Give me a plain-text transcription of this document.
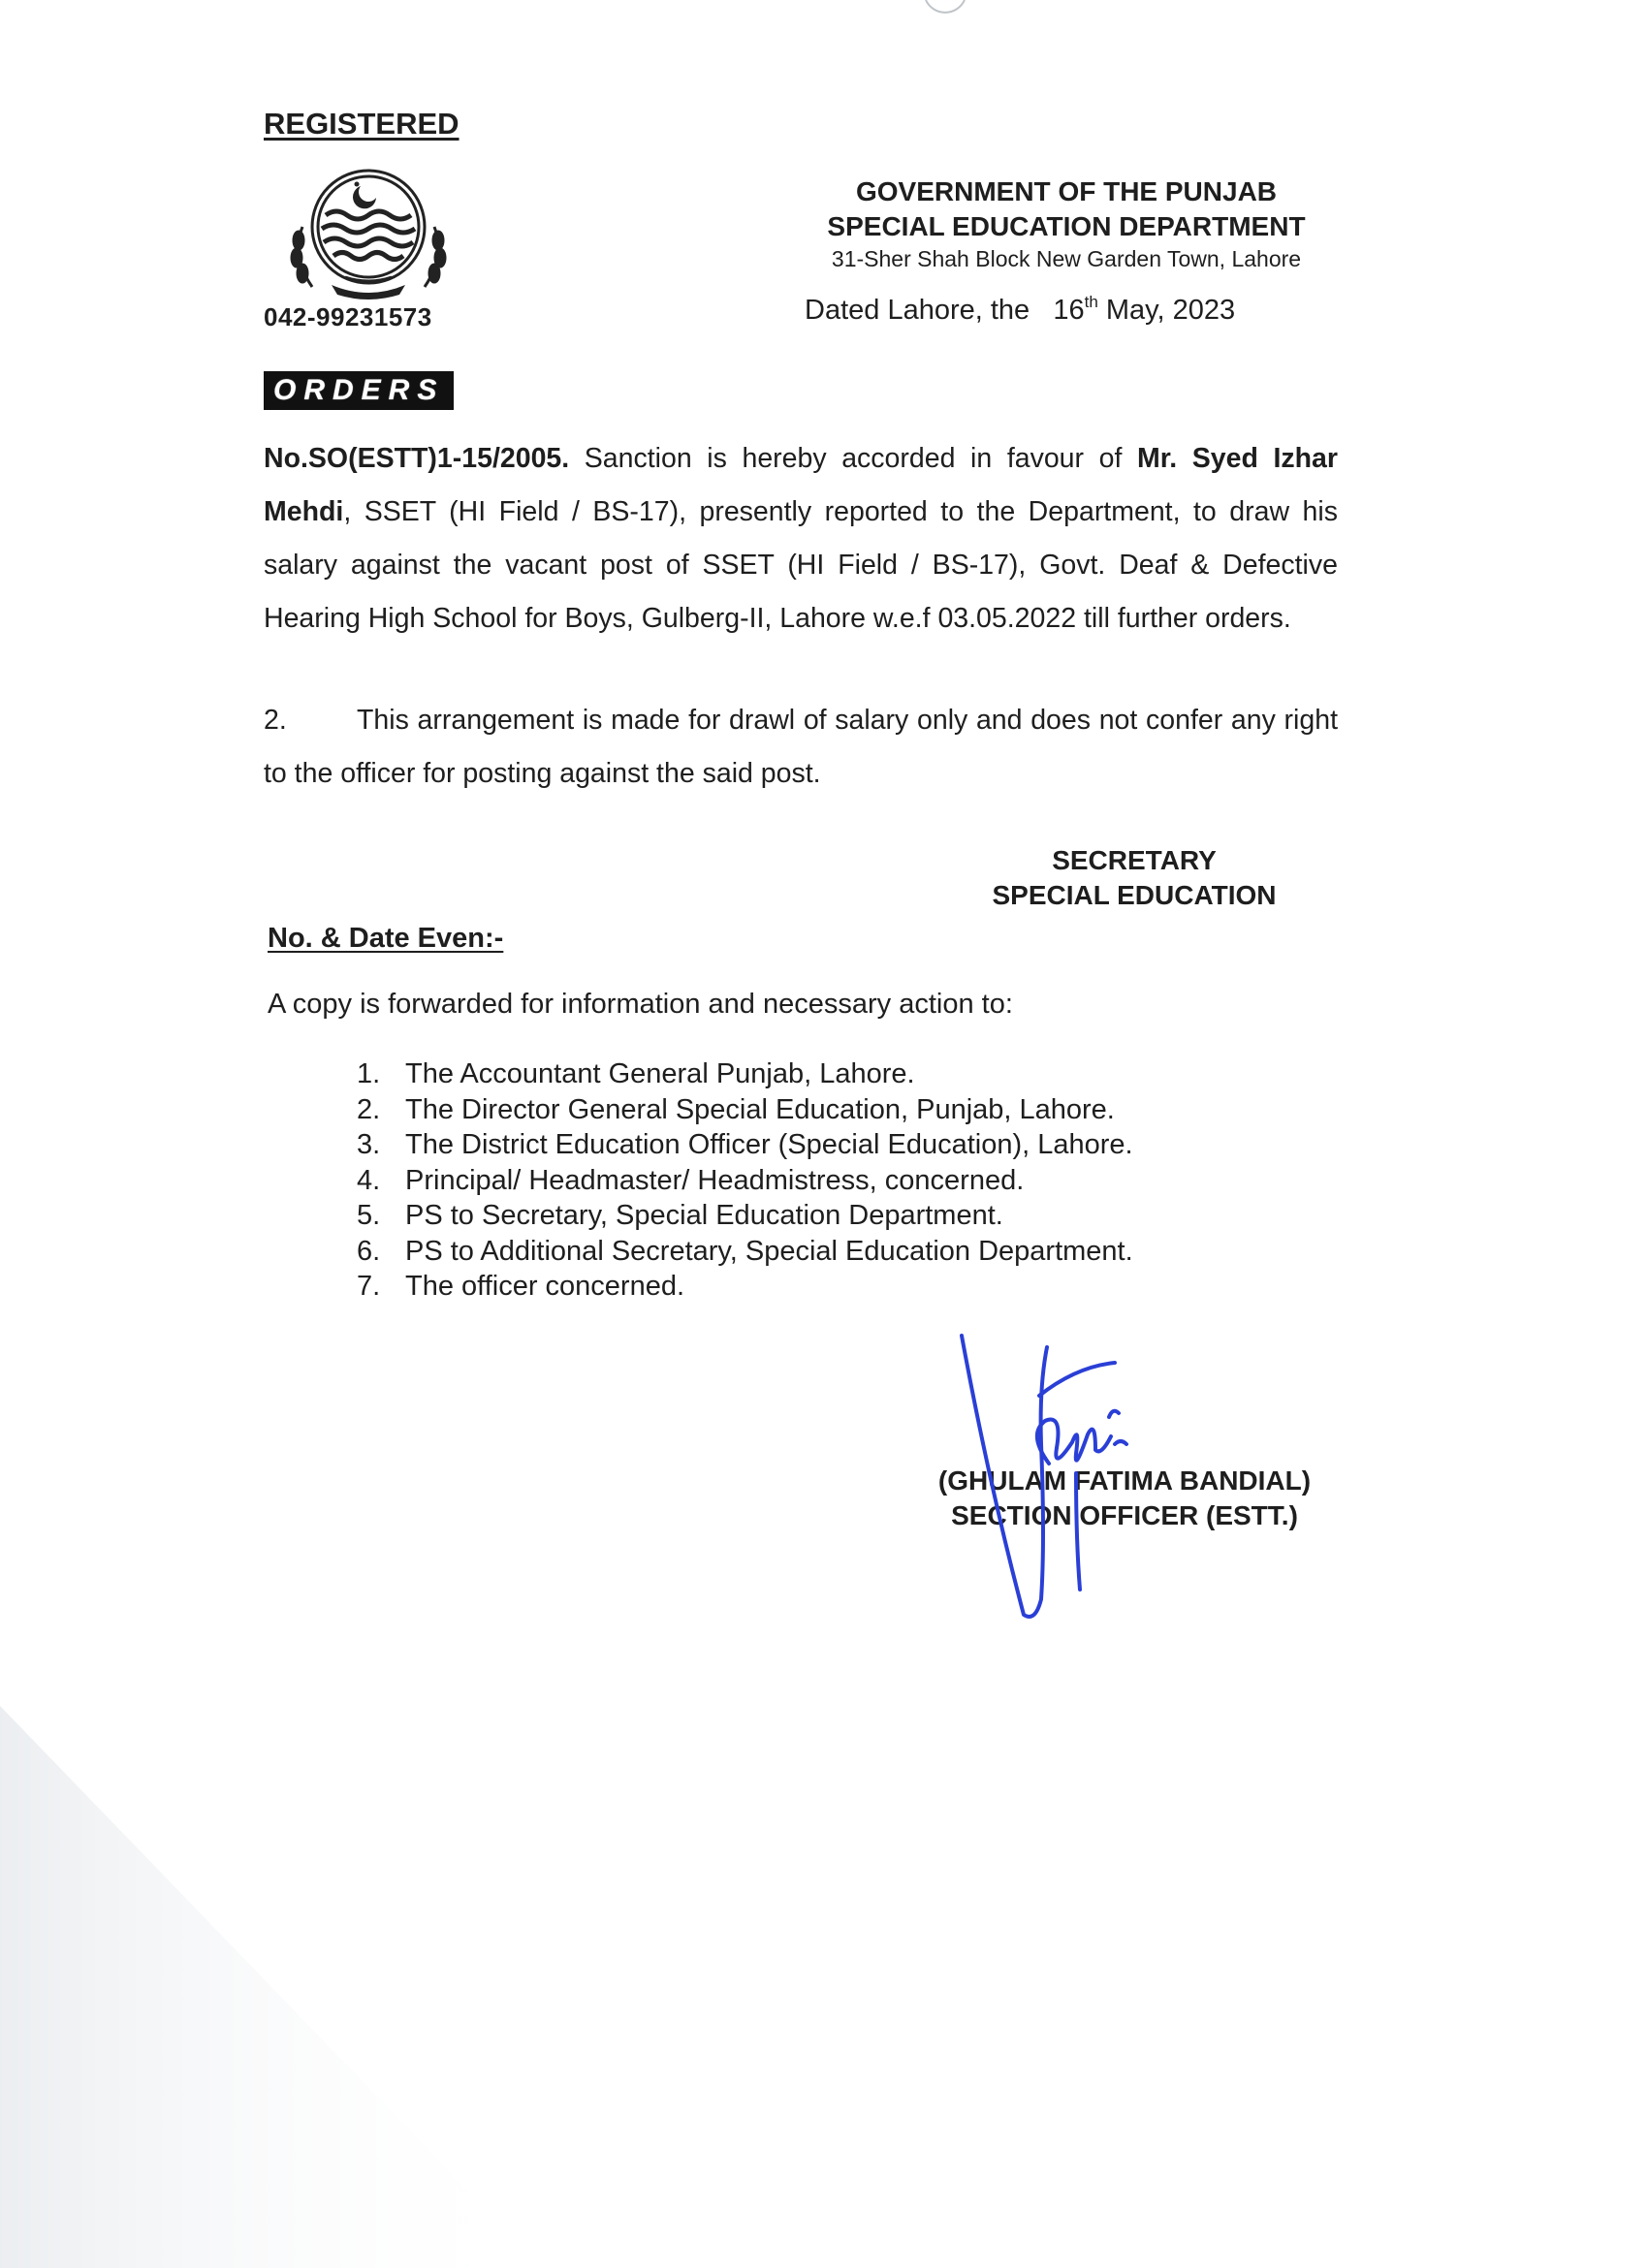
REGISTERED
042-99231573
GOVERNMENT OF THE PUNJAB
SPECIAL EDUCATION DEPARTMENT
31-Sher Shah Block New Garden Town, Lahore
Dated Lahore, the 16th May, 2023
ORDERS
No.SO(ESTT)1-15/2005. Sanction is hereby accorded in favour of Mr. Syed Izhar Mehdi, SSET (HI Field / BS-17), presently reported to the Department, to draw his salary against the vacant post of SSET (HI Field / BS-17), Govt. Deaf & Defective Hearing High School for Boys, Gulberg-II, Lahore w.e.f 03.05.2022 till further orders.
2.	This arrangement is made for drawl of salary only and does not confer any right to the officer for posting against the said post.
SECRETARY
SPECIAL EDUCATION
No. & Date Even:-
A copy is forwarded for information and necessary action to:
1. The Accountant General Punjab, Lahore.
2. The Director General Special Education, Punjab, Lahore.
3. The District Education Officer (Special Education), Lahore.
4. Principal/ Headmaster/ Headmistress, concerned.
5. PS to Secretary, Special Education Department.
6. PS to Additional Secretary, Special Education Department.
7. The officer concerned.
(GHULAM FATIMA BANDIAL)
SECTION OFFICER (ESTT.)
